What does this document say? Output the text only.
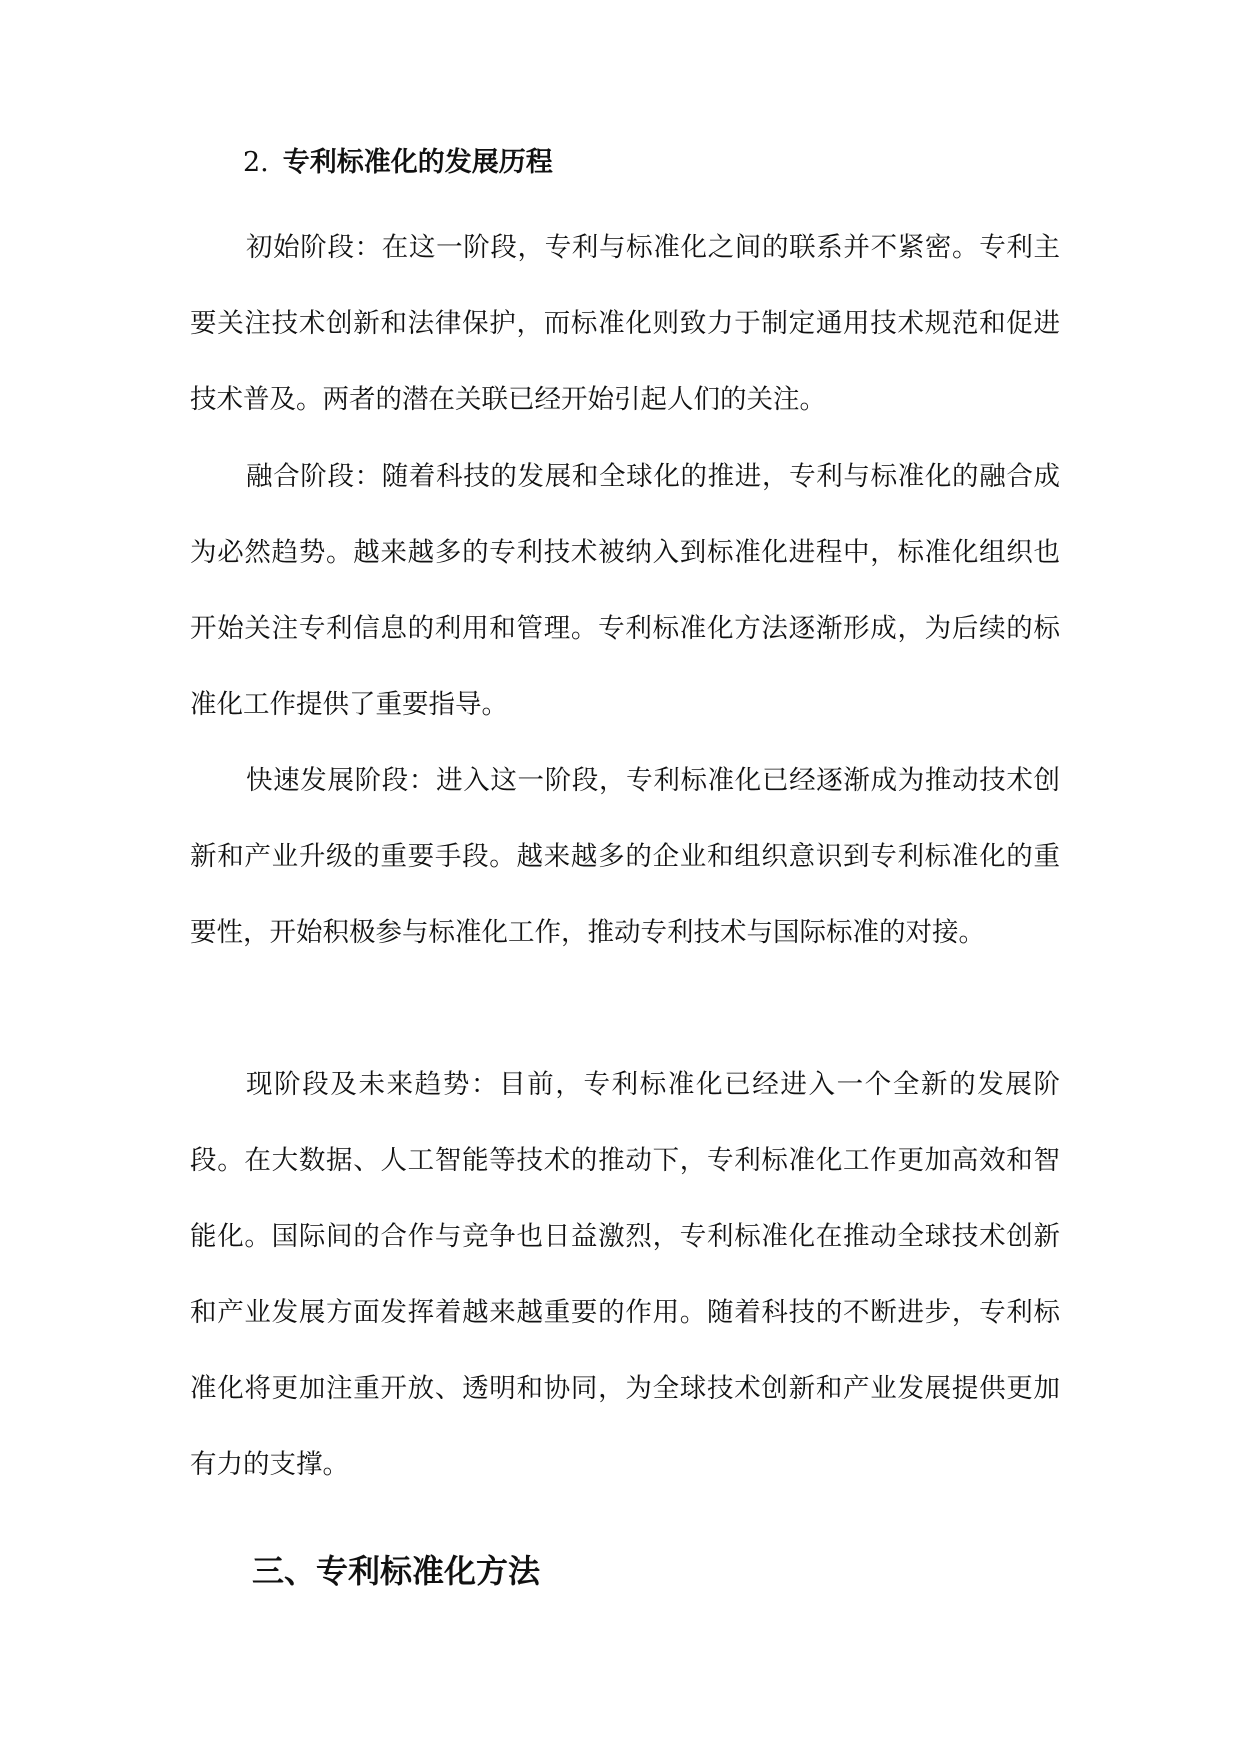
2. 专利标准化的发展历程

初始阶段：在这一阶段，专利与标准化之间的联系并不紧密。专利主要关注技术创新和法律保护，而标准化则致力于制定通用技术规范和促进技术普及。两者的潜在关联已经开始引起人们的关注。

融合阶段：随着科技的发展和全球化的推进，专利与标准化的融合成为必然趋势。越来越多的专利技术被纳入到标准化进程中，标准化组织也开始关注专利信息的利用和管理。专利标准化方法逐渐形成，为后续的标准化工作提供了重要指导。

快速发展阶段：进入这一阶段，专利标准化已经逐渐成为推动技术创新和产业升级的重要手段。越来越多的企业和组织意识到专利标准化的重要性，开始积极参与标准化工作，推动专利技术与国际标准的对接。

现阶段及未来趋势：目前，专利标准化已经进入一个全新的发展阶段。在大数据、人工智能等技术的推动下，专利标准化工作更加高效和智能化。国际间的合作与竞争也日益激烈，专利标准化在推动全球技术创新和产业发展方面发挥着越来越重要的作用。随着科技的不断进步，专利标准化将更加注重开放、透明和协同，为全球技术创新和产业发展提供更加有力的支撑。

三、专利标准化方法
